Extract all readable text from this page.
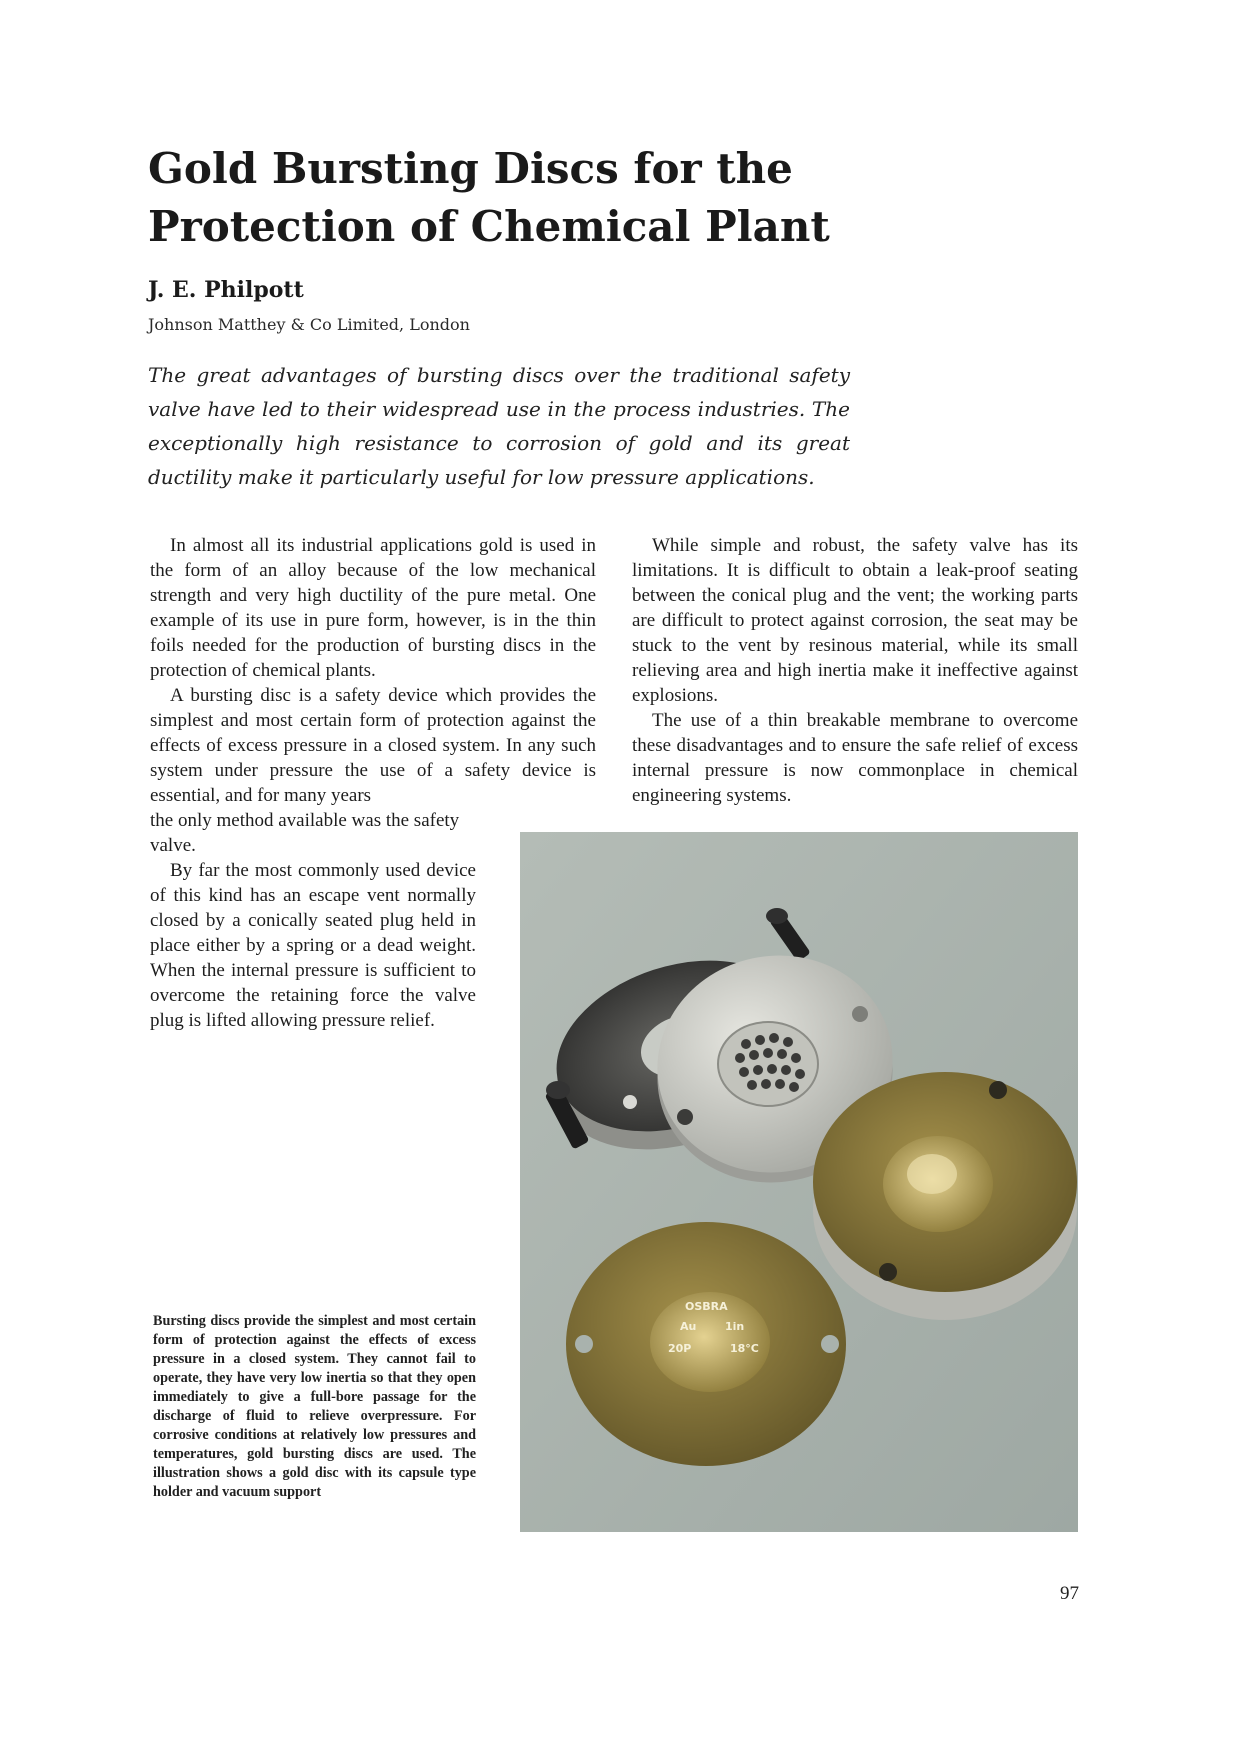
Gold Bursting Discs for the Protection of Chemical Plant

J. E. Philpott

Johnson Matthey & Co Limited, London

The great advantages of bursting discs over the traditional safety valve have led to their widespread use in the process industries. The exceptionally high resistance to corrosion of gold and its great ductility make it particularly useful for low pressure applications.

In almost all its industrial applications gold is used in the form of an alloy because of the low mechanical strength and very high ductility of the pure metal. One example of its use in pure form, however, is in the thin foils needed for the production of bursting discs in the protection of chemical plants.

A bursting disc is a safety device which provides the simplest and most certain form of protection against the effects of excess pressure in a closed system. In any such system under pressure the use of a safety device is essential, and for many years

the only method available was the safety valve.

By far the most commonly used device of this kind has an escape vent normally closed by a conically seated plug held in place either by a spring or a dead weight. When the internal pressure is sufficient to overcome the retaining force the valve plug is lifted allowing pressure relief.

While simple and robust, the safety valve has its limitations. It is difficult to obtain a leak-proof seating between the conical plug and the vent; the working parts are difficult to protect against corrosion, the seat may be stuck to the vent by resinous material, while its small relieving area and high inertia make it ineffective against explosions.

The use of a thin breakable membrane to overcome these disadvantages and to ensure the safe relief of excess internal pressure is now commonplace in chemical engineering systems.

OSBRA
Au	1in
20P	18°C

Bursting discs provide the simplest and most certain form of protection against the effects of excess pressure in a closed system. They cannot fail to operate, they have very low inertia so that they open immediately to give a full-bore passage for the discharge of fluid to relieve overpressure. For corrosive conditions at relatively low pressures and temperatures, gold bursting discs are used. The illustration shows a gold disc with its capsule type holder and vacuum support

97
